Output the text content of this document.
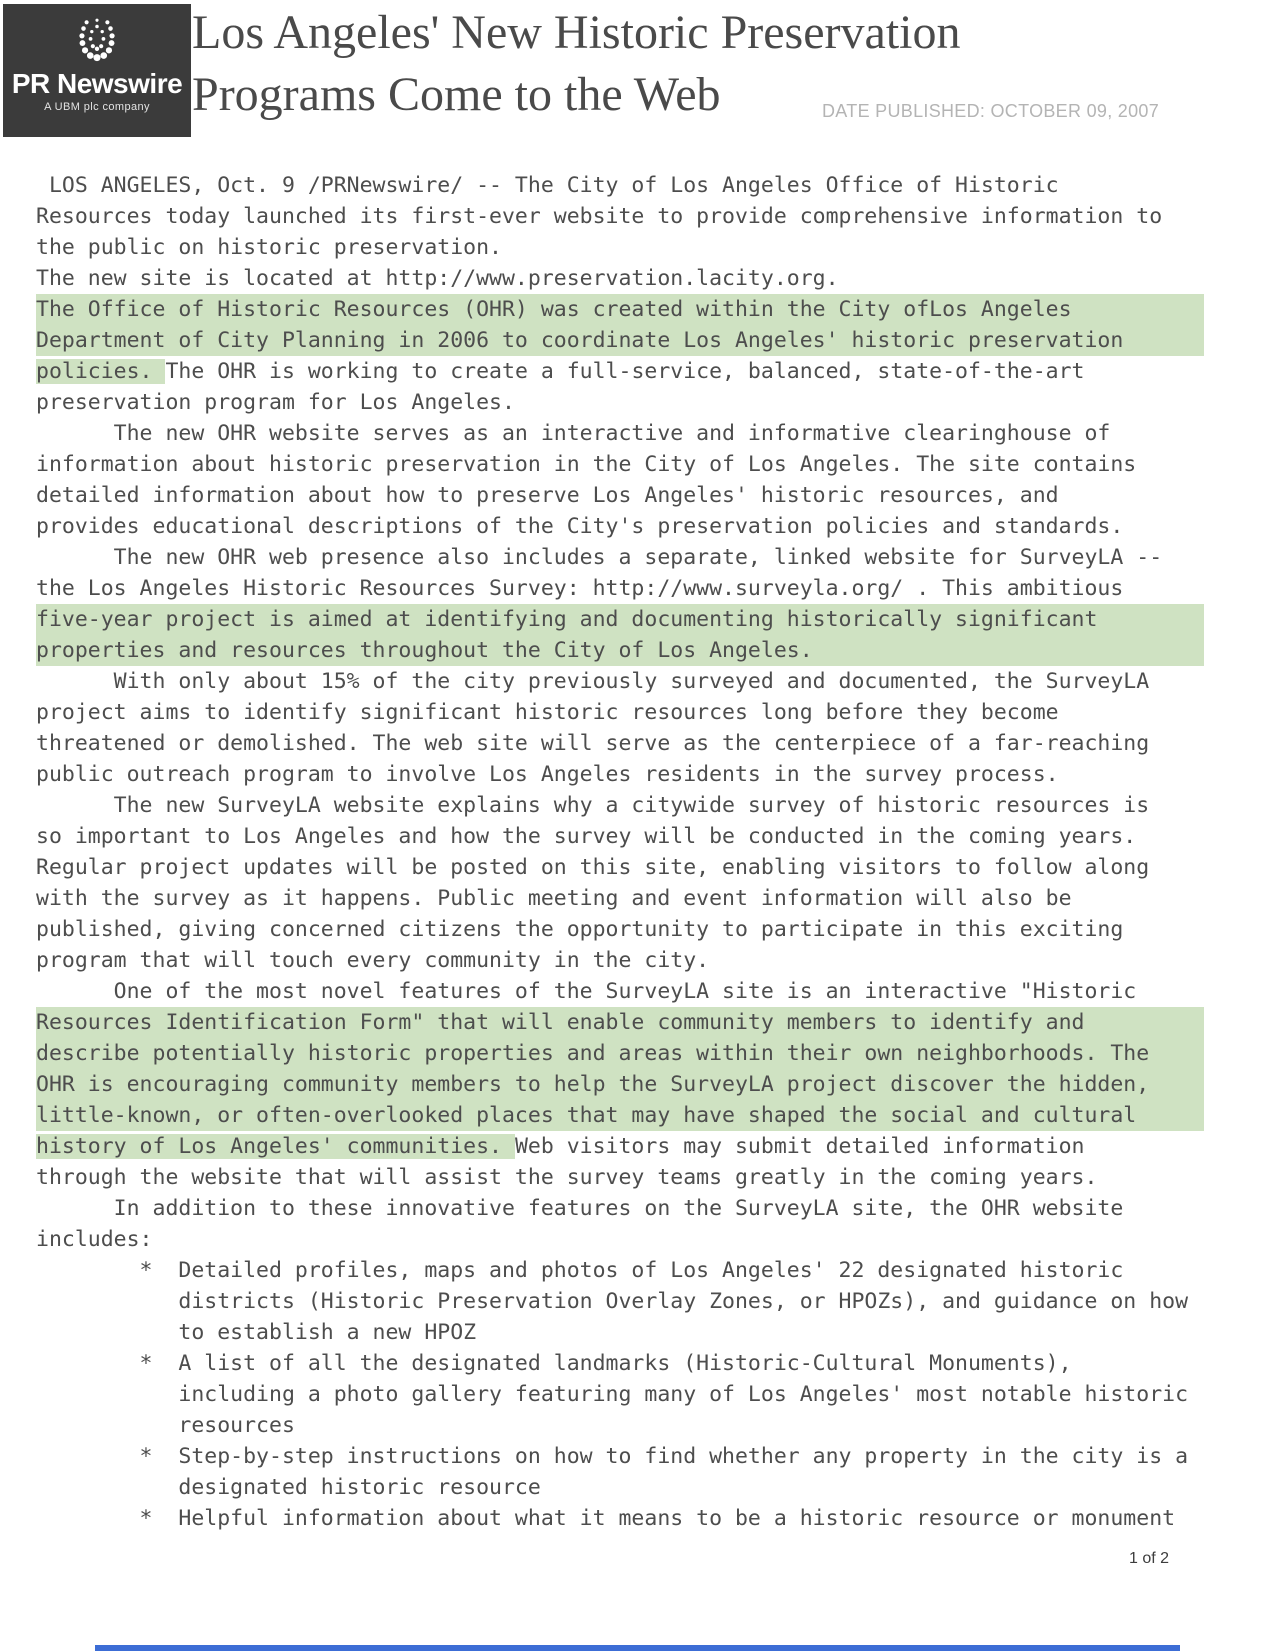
PR Newswire
A UBM plc company
Los Angeles' New Historic Preservation
Programs Come to the Web	DATE PUBLISHED: OCTOBER 09, 2007
LOS ANGELES, Oct. 9 /PRNewswire/ -- The City of Los Angeles Office of Historic
Resources today launched its first-ever website to provide comprehensive information to
the public on historic preservation.
The new site is located at http://www.preservation.lacity.org.
The Office of Historic Resources (OHR) was created within the City ofLos Angeles
Department of City Planning in 2006 to coordinate Los Angeles' historic preservation
policies. The OHR is working to create a full-service, balanced, state-of-the-art
preservation program for Los Angeles.
The new OHR website serves as an interactive and informative clearinghouse of
information about historic preservation in the City of Los Angeles. The site contains
detailed information about how to preserve Los Angeles' historic resources, and
provides educational descriptions of the City's preservation policies and standards.
The new OHR web presence also includes a separate, linked website for SurveyLA --
the Los Angeles Historic Resources Survey: http://www.surveyla.org/ . This ambitious
five-year project is aimed at identifying and documenting historically significant
properties and resources throughout the City of Los Angeles.
With only about 15% of the city previously surveyed and documented, the SurveyLA
project aims to identify significant historic resources long before they become
threatened or demolished. The web site will serve as the centerpiece of a far-reaching
public outreach program to involve Los Angeles residents in the survey process.
The new SurveyLA website explains why a citywide survey of historic resources is
so important to Los Angeles and how the survey will be conducted in the coming years.
Regular project updates will be posted on this site, enabling visitors to follow along
with the survey as it happens. Public meeting and event information will also be
published, giving concerned citizens the opportunity to participate in this exciting
program that will touch every community in the city.
One of the most novel features of the SurveyLA site is an interactive "Historic
Resources Identification Form" that will enable community members to identify and
describe potentially historic properties and areas within their own neighborhoods. The
OHR is encouraging community members to help the SurveyLA project discover the hidden,
little-known, or often-overlooked places that may have shaped the social and cultural
history of Los Angeles' communities. Web visitors may submit detailed information
through the website that will assist the survey teams greatly in the coming years.
In addition to these innovative features on the SurveyLA site, the OHR website
includes:
*  Detailed profiles, maps and photos of Los Angeles' 22 designated historic
districts (Historic Preservation Overlay Zones, or HPOZs), and guidance on how
to establish a new HPOZ
*  A list of all the designated landmarks (Historic-Cultural Monuments),
including a photo gallery featuring many of Los Angeles' most notable historic
resources
*  Step-by-step instructions on how to find whether any property in the city is a
designated historic resource
*  Helpful information about what it means to be a historic resource or monument
1 of 2
